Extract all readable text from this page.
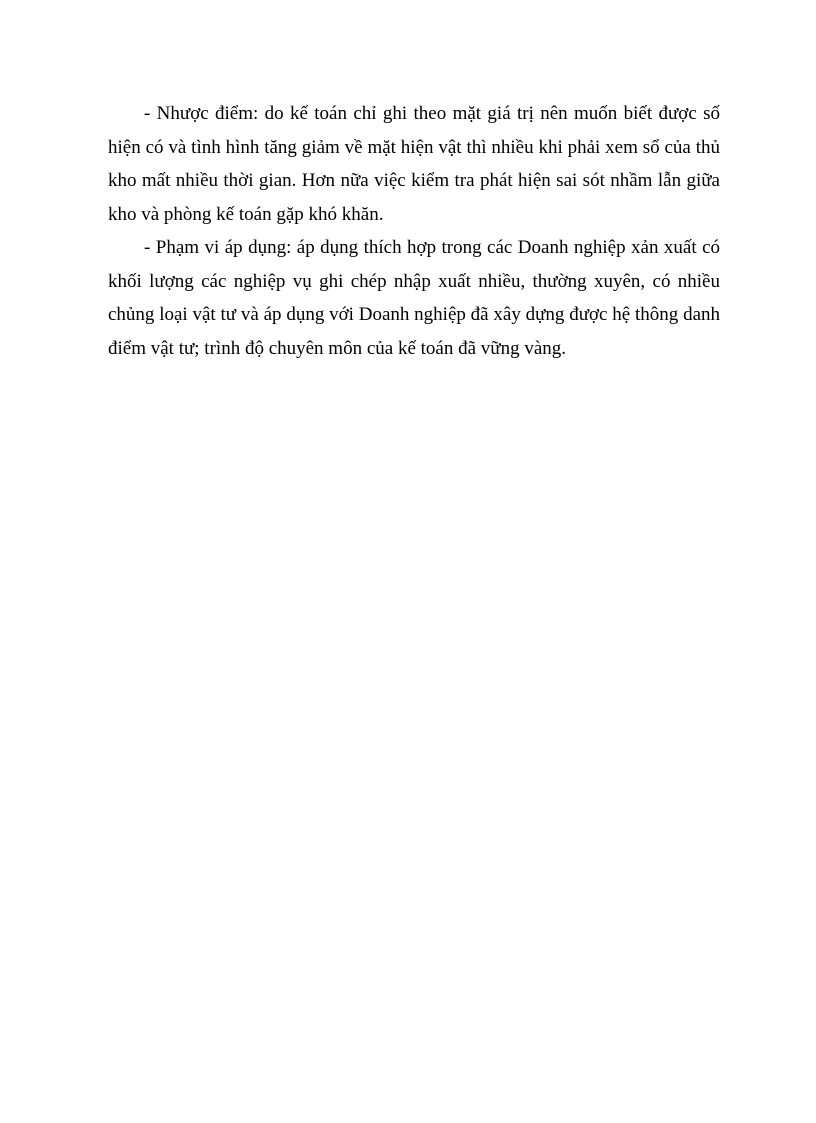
- Nhược điểm: do kế toán chỉ ghi theo mặt giá trị nên muốn biết được số hiện có và tình hình tăng giảm về mặt hiện vật thì nhiều khi phải xem sổ của thủ kho mất nhiều thời gian. Hơn nữa việc kiểm tra phát hiện sai sót nhầm lẫn giữa kho và phòng kế toán gặp khó khăn.

- Phạm vi áp dụng: áp dụng thích hợp trong các Doanh nghiệp xản xuất có khối lượng các nghiệp vụ ghi chép nhập xuất nhiều, thường xuyên, có nhiều chủng loại vật tư và áp dụng với Doanh nghiệp đã xây dựng được hệ thông danh điểm vật tư; trình độ chuyên môn của kế toán đã vững vàng.
